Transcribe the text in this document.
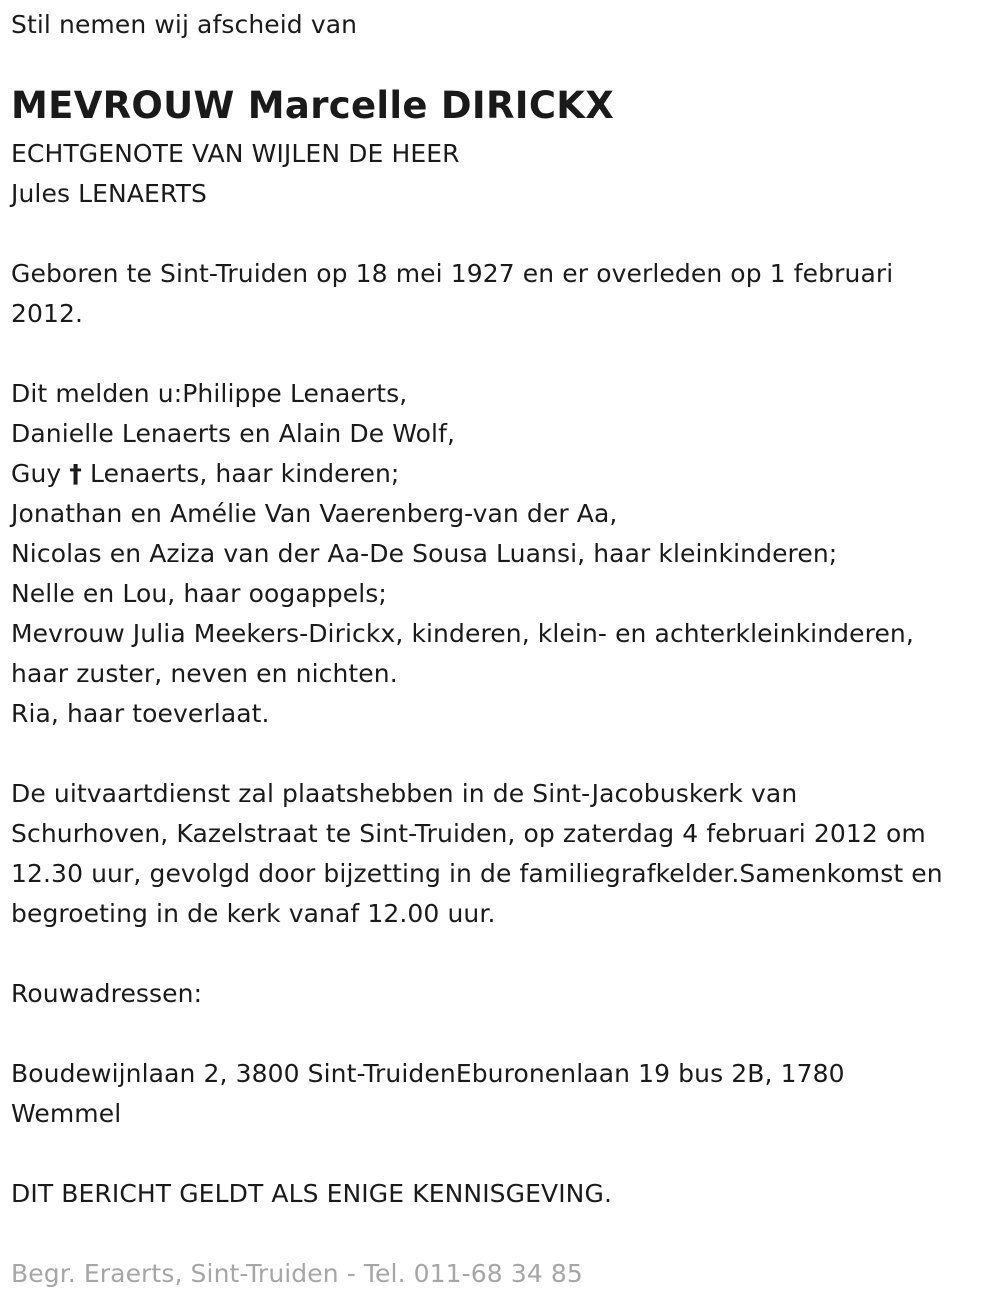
Stil nemen wij afscheid van
MEVROUW Marcelle DIRICKX
ECHTGENOTE VAN WIJLEN DE HEER
Jules LENAERTS
Geboren te Sint-Truiden op 18 mei 1927 en er overleden op 1 februari
2012.
Dit melden u:Philippe Lenaerts,
Danielle Lenaerts en Alain De Wolf,
Guy † Lenaerts, haar kinderen;
Jonathan en Amélie Van Vaerenberg-van der Aa,
Nicolas en Aziza van der Aa-De Sousa Luansi, haar kleinkinderen;
Nelle en Lou, haar oogappels;
Mevrouw Julia Meekers-Dirickx, kinderen, klein- en achterkleinkinderen,
haar zuster, neven en nichten.
Ria, haar toeverlaat.
De uitvaartdienst zal plaatshebben in de Sint-Jacobuskerk van
Schurhoven, Kazelstraat te Sint-Truiden, op zaterdag 4 februari 2012 om
12.30 uur, gevolgd door bijzetting in de familiegrafkelder.Samenkomst en
begroeting in de kerk vanaf 12.00 uur.
Rouwadressen:
Boudewijnlaan 2, 3800 Sint-TruidenEburonenlaan 19 bus 2B, 1780
Wemmel
DIT BERICHT GELDT ALS ENIGE KENNISGEVING.
Begr. Eraerts, Sint-Truiden - Tel. 011-68 34 85
